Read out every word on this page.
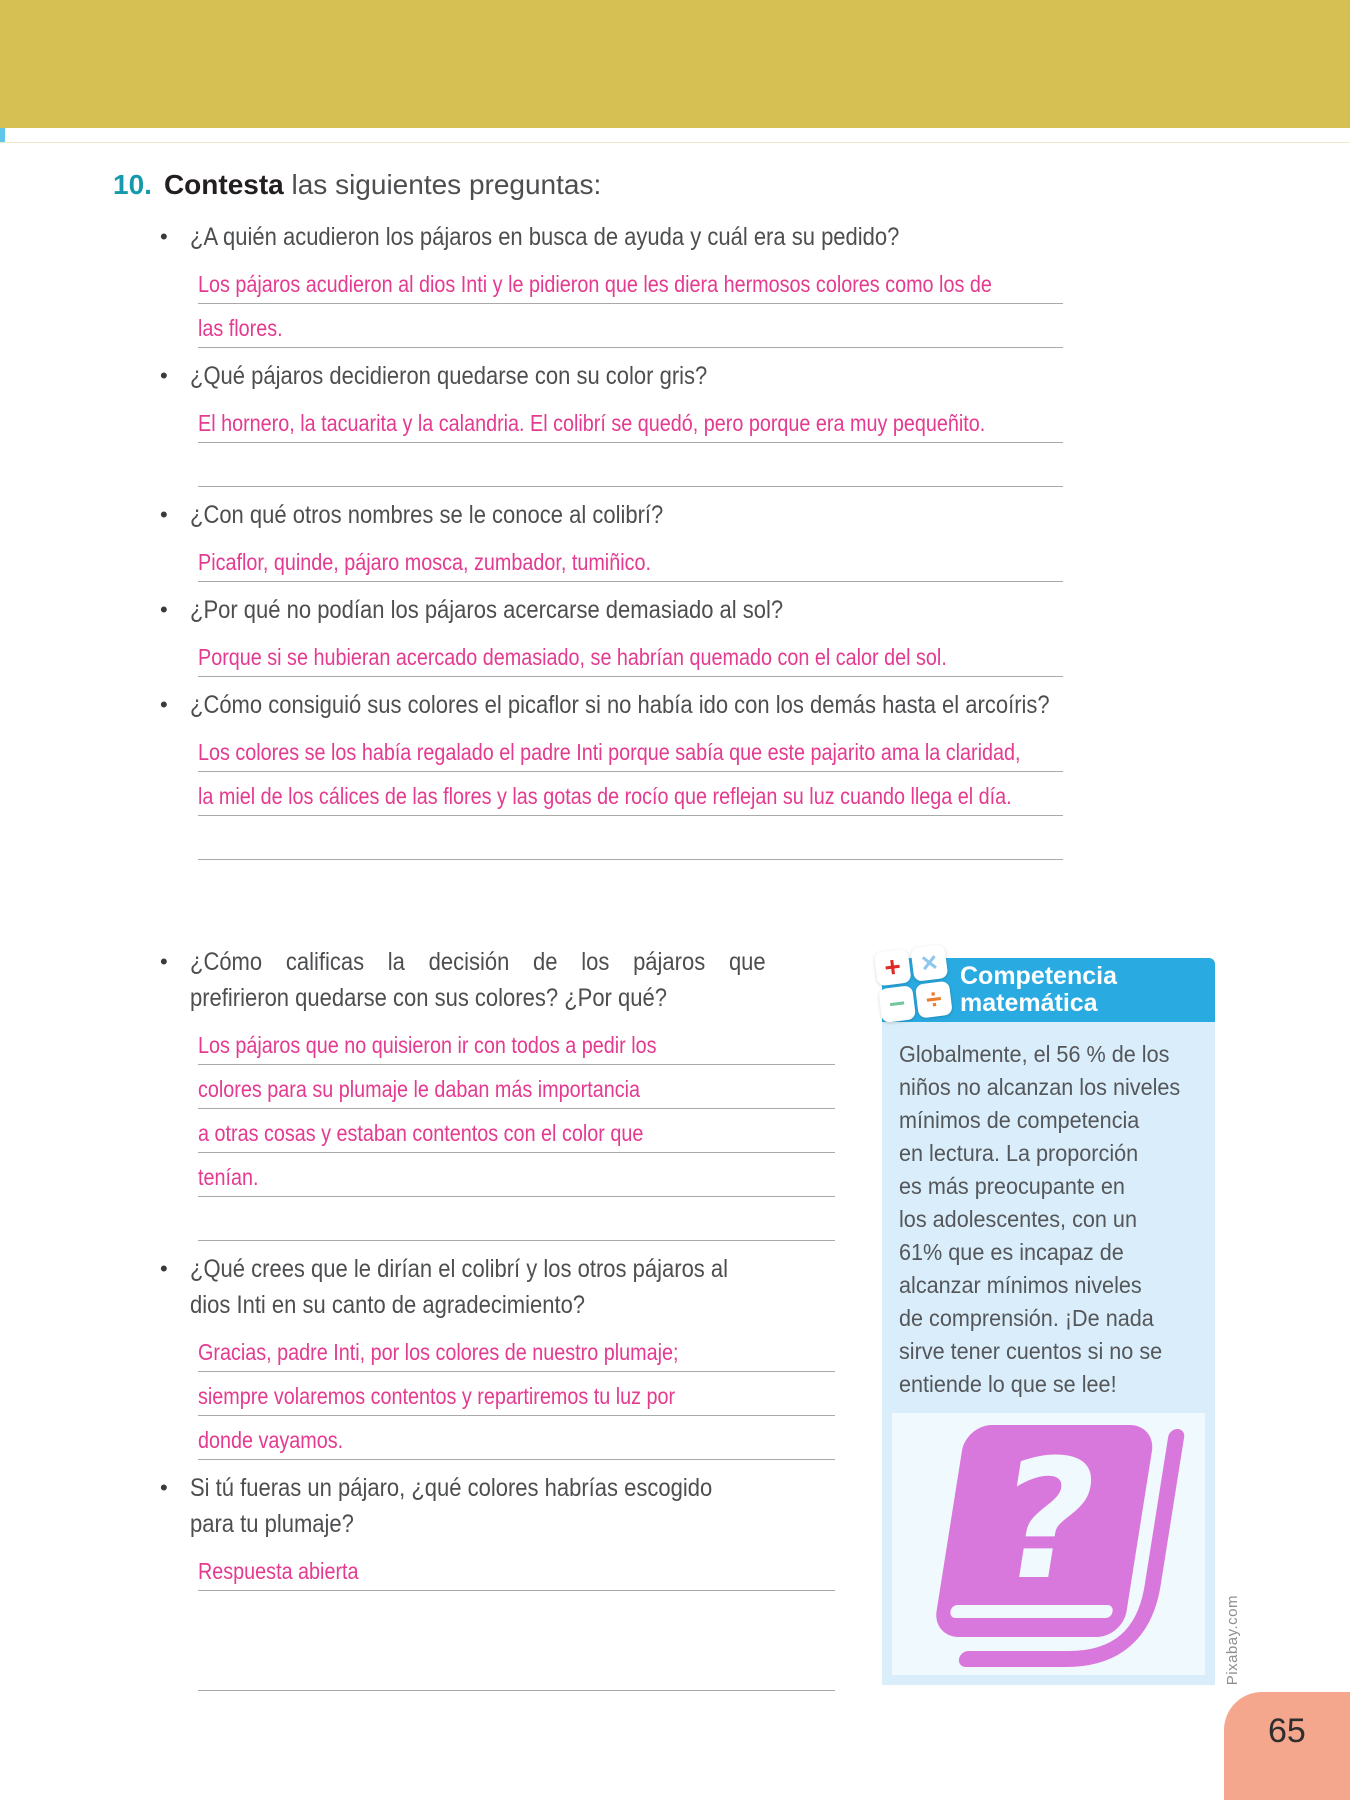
10. Contesta las siguientes preguntas:
• ¿A quién acudieron los pájaros en busca de ayuda y cuál era su pedido?
Los pájaros acudieron al dios Inti y le pidieron que les diera hermosos colores como los de
las flores.
• ¿Qué pájaros decidieron quedarse con su color gris?
El hornero, la tacuarita y la calandria. El colibrí se quedó, pero porque era muy pequeñito.
• ¿Con qué otros nombres se le conoce al colibrí?
Picaflor, quinde, pájaro mosca, zumbador, tumiñico.
• ¿Por qué no podían los pájaros acercarse demasiado al sol?
Porque si se hubieran acercado demasiado, se habrían quemado con el calor del sol.
• ¿Cómo consiguió sus colores el picaflor si no había ido con los demás hasta el arcoíris?
Los colores se los había regalado el padre Inti porque sabía que este pajarito ama la claridad,
la miel de los cálices de las flores y las gotas de rocío que reflejan su luz cuando llega el día.
• ¿Cómo calificas la decisión de los pájaros que
prefirieron quedarse con sus colores? ¿Por qué?
Los pájaros que no quisieron ir con todos a pedir los
colores para su plumaje le daban más importancia
a otras cosas y estaban contentos con el color que
tenían.
• ¿Qué crees que le dirían el colibrí y los otros pájaros al
dios Inti en su canto de agradecimiento?
Gracias, padre Inti, por los colores de nuestro plumaje;
siempre volaremos contentos y repartiremos tu luz por
donde vayamos.
• Si tú fueras un pájaro, ¿qué colores habrías escogido
para tu plumaje?
Respuesta abierta
+ ×
− ÷
Competencia
matemática
Globalmente, el 56 % de los
niños no alcanzan los niveles
mínimos de competencia
en lectura. La proporción
es más preocupante en
los adolescentes, con un
61% que es incapaz de
alcanzar mínimos niveles
de comprensión. ¡De nada
sirve tener cuentos si no se
entiende lo que se lee!
?
Pixabay.com
65
